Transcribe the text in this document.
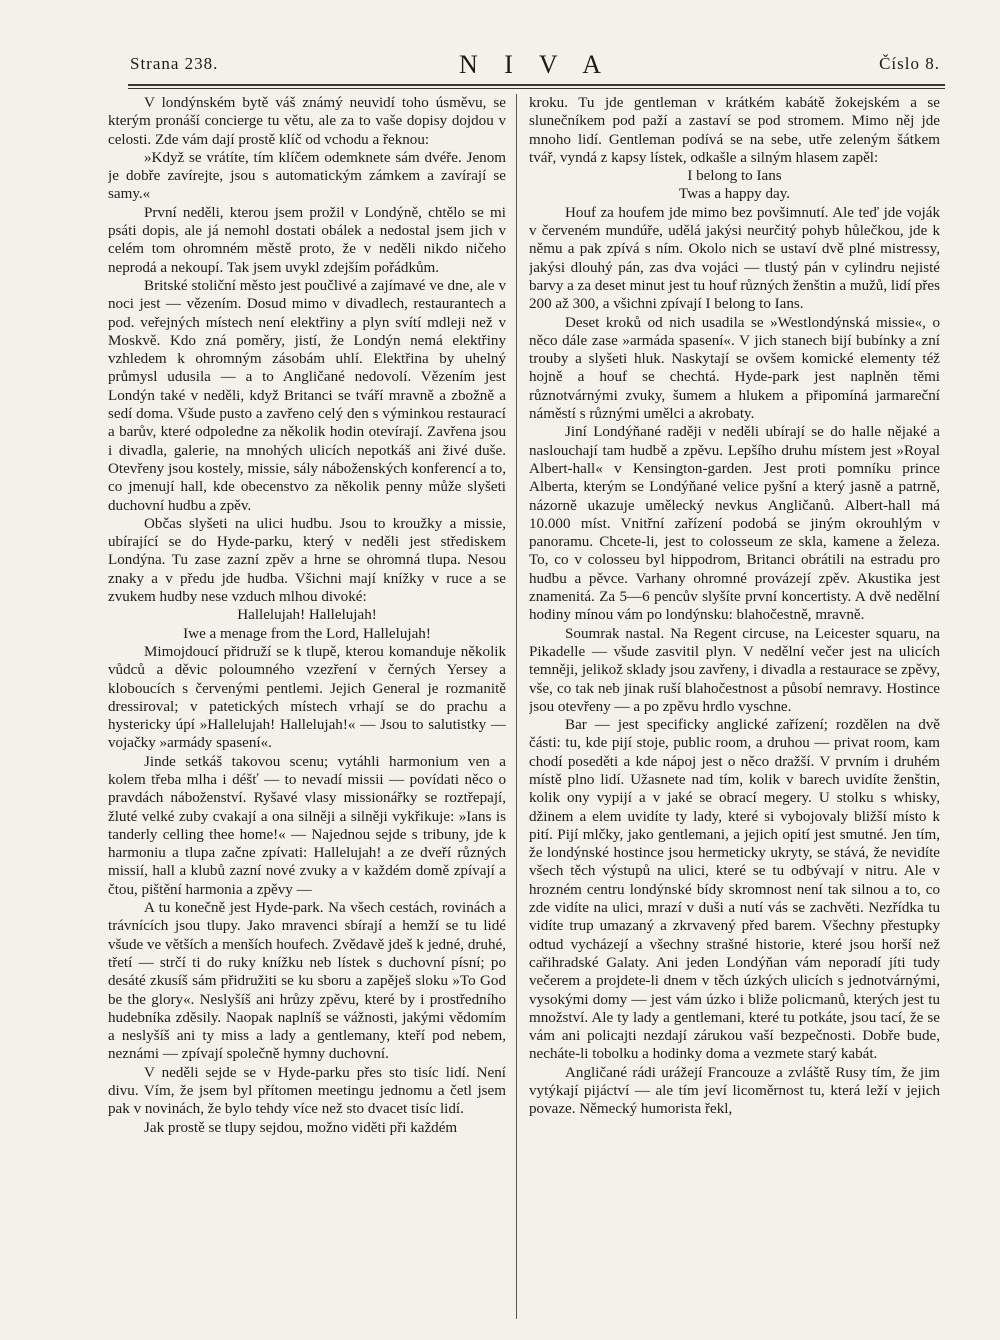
Strana 238.	N I V A	Číslo 8.

V londýnském bytě váš známý neuvidí toho úsměvu, se kterým pronáší concierge tu větu, ale za to vaše dopisy dojdou v celosti. Zde vám dají prostě klíč od vchodu a řeknou:

»Když se vrátíte, tím klíčem odemknete sám dvéře. Jenom je dobře zavírejte, jsou s automatickým zámkem a zavírají se samy.«

První neděli, kterou jsem prožil v Londýně, chtělo se mi psáti dopis, ale já nemohl dostati obálek a nedostal jsem jich v celém tom ohromném městě proto, že v neděli nikdo ničeho neprodá a nekoupí. Tak jsem uvykl zdejším pořádkům.

Britské stoliční město jest poučlivé a zajímavé ve dne, ale v noci jest — vězením. Dosud mimo v divadlech, restaurantech a pod. veřejných místech není elektřiny a plyn svítí mdleji než v Moskvě. Kdo zná poměry, jistí, že Londýn nemá elektřiny vzhledem k ohromným zásobám uhlí. Elektřina by uhelný průmysl udusila — a to Angličané nedovolí. Vězením jest Londýn také v neděli, když Britanci se tváří mravně a zbožně a sedí doma. Všude pusto a zavřeno celý den s výminkou restaurací a barův, které odpoledne za několik hodin otevírají. Zavřena jsou i divadla, galerie, na mnohých ulicích nepotkáš ani živé duše. Otevřeny jsou kostely, missie, sály náboženských konferencí a to, co jmenují hall, kde obecenstvo za několik penny může slyšeti duchovní hudbu a zpěv.

Občas slyšeti na ulici hudbu. Jsou to kroužky a missie, ubírající se do Hyde-parku, který v neděli jest střediskem Londýna. Tu zase zazní zpěv a hrne se ohromná tlupa. Nesou znaky a v předu jde hudba. Všichni mají knížky v ruce a se zvukem hudby nese vzduch mlhou divoké:

Hallelujah! Hallelujah!

Iwe a menage from the Lord, Hallelujah!

Mimojdoucí přidruží se k tlupě, kterou komanduje několik vůdců a děvic poloumného vzezření v černých Yersey a kloboucích s červenými pentlemi. Jejich General je rozmanitě dressiroval; v patetických místech vrhají se do prachu a hystericky úpí »Hallelujah! Hallelujah!« — Jsou to salutistky — vojačky »armády spasení«.

Jinde setkáš takovou scenu; vytáhli harmonium ven a kolem třeba mlha i déšť — to nevadí missii — povídati něco o pravdách náboženství. Ryšavé vlasy missionářky se roztřepají, žluté velké zuby cvakají a ona silněji a silněji vykřikuje: »Ians is tanderly celling thee home!« — Najednou sejde s tribuny, jde k harmoniu a tlupa začne zpívati: Hallelujah! a ze dveří různých missií, hall a klubů zazní nové zvuky a v každém domě zpívají a čtou, pištění harmonia a zpěvy —

A tu konečně jest Hyde-park. Na všech cestách, rovinách a trávnících jsou tlupy. Jako mravenci sbírají a hemží se tu lidé všude ve větších a menších houfech. Zvědavě jdeš k jedné, druhé, třetí — strčí ti do ruky knížku neb lístek s duchovní písní; po desáté zkusíš sám přidružiti se ku sboru a zapěješ sloku »To God be the glory«. Neslyšíš ani hrůzy zpěvu, které by i prostředního hudebníka zděsily. Naopak naplníš se vážnosti, jakými vědomím a neslyšíš ani ty miss a lady a gentlemany, kteří pod nebem, neznámi — zpívají společně hymny duchovní.

V neděli sejde se v Hyde-parku přes sto tisíc lidí. Není divu. Vím, že jsem byl přítomen meetingu jednomu a četl jsem pak v novinách, že bylo tehdy více než sto dvacet tisíc lidí.

Jak prostě se tlupy sejdou, možno viděti při každém

kroku. Tu jde gentleman v krátkém kabátě žokejském a se slunečníkem pod paží a zastaví se pod stromem. Mimo něj jde mnoho lidí. Gentleman podívá se na sebe, utře zeleným šátkem tvář, vyndá z kapsy lístek, odkašle a silným hlasem zapěl:

I belong to Ians

Twas a happy day.

Houf za houfem jde mimo bez povšimnutí. Ale teď jde voják v červeném mundúře, udělá jakýsi neurčitý pohyb hůlečkou, jde k němu a pak zpívá s ním. Okolo nich se ustaví dvě plné mistressy, jakýsi dlouhý pán, zas dva vojáci — tlustý pán v cylindru nejisté barvy a za deset minut jest tu houf různých ženštin a mužů, lidí přes 200 až 300, a všichni zpívají I belong to Ians.

Deset kroků od nich usadila se »Westlondýnská missie«, o něco dále zase »armáda spasení«. V jich stanech bijí bubínky a zní trouby a slyšeti hluk. Naskytají se ovšem komické elementy též hojně a houf se chechtá. Hyde-park jest naplněn těmi různotvárnými zvuky, šumem a hlukem a připomíná jarmareční náměstí s různými umělci a akrobaty.

Jiní Londýňané raději v neděli ubírají se do halle nějaké a naslouchají tam hudbě a zpěvu. Lepšího druhu místem jest »Royal Albert-hall« v Kensington-garden. Jest proti pomníku prince Alberta, kterým se Londýňané velice pyšní a který jasně a patrně, názorně ukazuje umělecký nevkus Angličanů. Albert-hall má 10.000 míst. Vnitřní zařízení podobá se jiným okrouhlým v panoramu. Chcete-li, jest to colosseum ze skla, kamene a železa. To, co v colosseu byl hippodrom, Britanci obrátili na estradu pro hudbu a pěvce. Varhany ohromné provázejí zpěv. Akustika jest znamenitá. Za 5—6 pencův slyšíte první koncertisty. A dvě nedělní hodiny mínou vám po londýnsku: blahočestně, mravně.

Soumrak nastal. Na Regent circuse, na Leicester squaru, na Pikadelle — všude zasvitil plyn. V nedělní večer jest na ulicích temněji, jelikož sklady jsou zavřeny, i divadla a restaurace se zpěvy, vše, co tak neb jinak ruší blahočestnost a působí nemravy. Hostince jsou otevřeny — a po zpěvu hrdlo vyschne.

Bar — jest specificky anglické zařízení; rozdělen na dvě části: tu, kde pijí stoje, public room, a druhou — privat room, kam chodí poseděti a kde nápoj jest o něco dražší. V prvním i druhém místě plno lidí. Užasnete nad tím, kolik v barech uvidíte ženštin, kolik ony vypijí a v jaké se obrací megery. U stolku s whisky, džinem a elem uvidíte ty lady, které si vybojovaly bližší místo k pití. Pijí mlčky, jako gentlemani, a jejich opití jest smutné. Jen tím, že londýnské hostince jsou hermeticky ukryty, se stává, že nevidíte všech těch výstupů na ulici, které se tu odbývají v nitru. Ale v hrozném centru londýnské bídy skromnost není tak silnou a to, co zde vidíte na ulici, mrazí v duši a nutí vás se zachvěti. Nezřídka tu vidíte trup umazaný a zkrvavený před barem. Všechny přestupky odtud vycházejí a všechny strašné historie, které jsou horší než cařihradské Galaty. Ani jeden Londýňan vám neporadí jíti tudy večerem a projdete-li dnem v těch úzkých ulicích s jednotvárnými, vysokými domy — jest vám úzko i bliže policmanů, kterých jest tu množství. Ale ty lady a gentlemani, které tu potkáte, jsou tací, že se vám ani policajti nezdají zárukou vaší bezpečnosti. Dobře bude, necháte-li tobolku a hodinky doma a vezmete starý kabát.

Angličané rádi urážejí Francouze a zvláště Rusy tím, že jim vytýkají pijáctví — ale tím jeví licoměrnost tu, která leží v jejich povaze. Německý humorista řekl,
